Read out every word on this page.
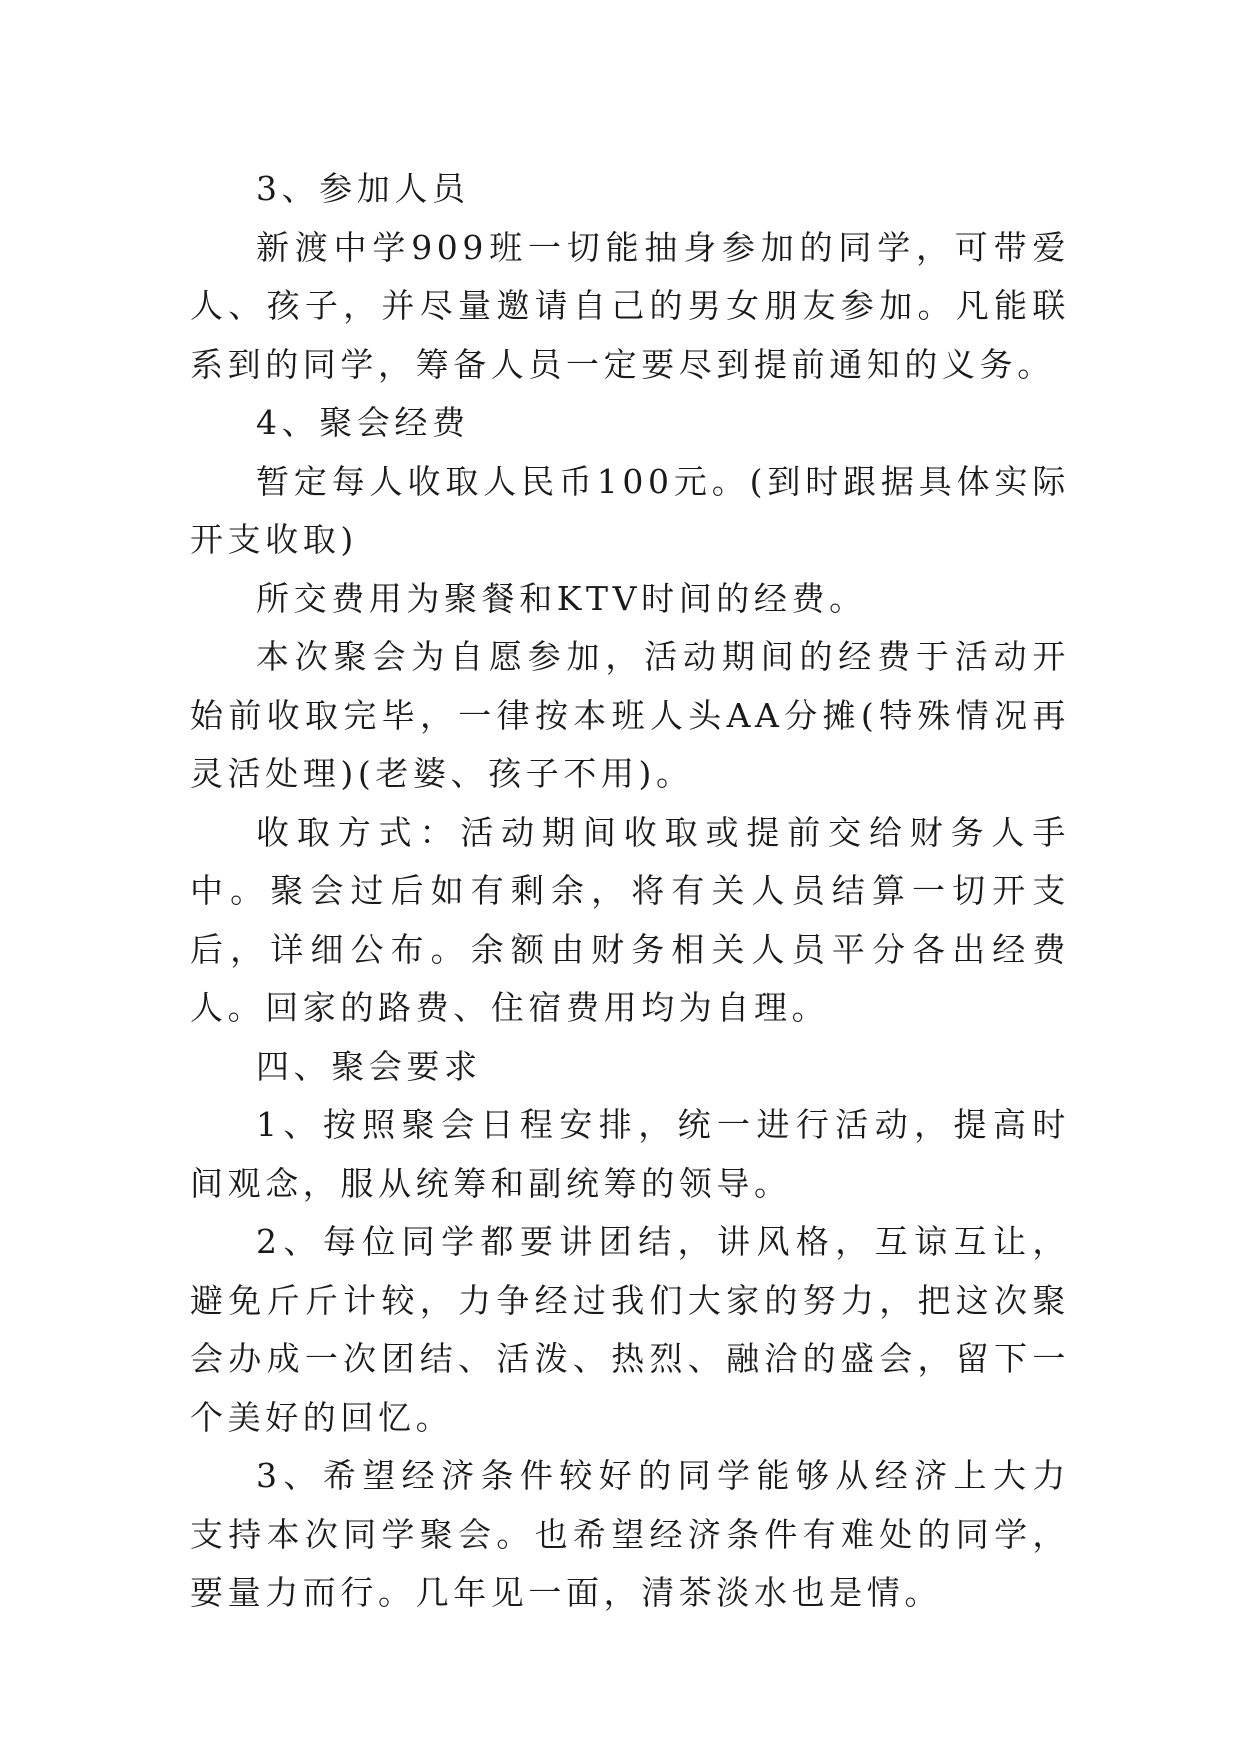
3、参加人员

新渡中学909班一切能抽身参加的同学，可带爱人、孩子，并尽量邀请自己的男女朋友参加。凡能联系到的同学，筹备人员一定要尽到提前通知的义务。

4、聚会经费

暂定每人收取人民币100元。(到时跟据具体实际开支收取)

所交费用为聚餐和KTV时间的经费。

本次聚会为自愿参加，活动期间的经费于活动开始前收取完毕，一律按本班人头AA分摊(特殊情况再灵活处理)(老婆、孩子不用)。

收取方式：活动期间收取或提前交给财务人手中。聚会过后如有剩余，将有关人员结算一切开支后，详细公布。余额由财务相关人员平分各出经费人。回家的路费、住宿费用均为自理。

四、聚会要求

1、按照聚会日程安排，统一进行活动，提高时间观念，服从统筹和副统筹的领导。

2、每位同学都要讲团结，讲风格，互谅互让，避免斤斤计较，力争经过我们大家的努力，把这次聚会办成一次团结、活泼、热烈、融洽的盛会，留下一个美好的回忆。

3、希望经济条件较好的同学能够从经济上大力支持本次同学聚会。也希望经济条件有难处的同学，要量力而行。几年见一面，清茶淡水也是情。
